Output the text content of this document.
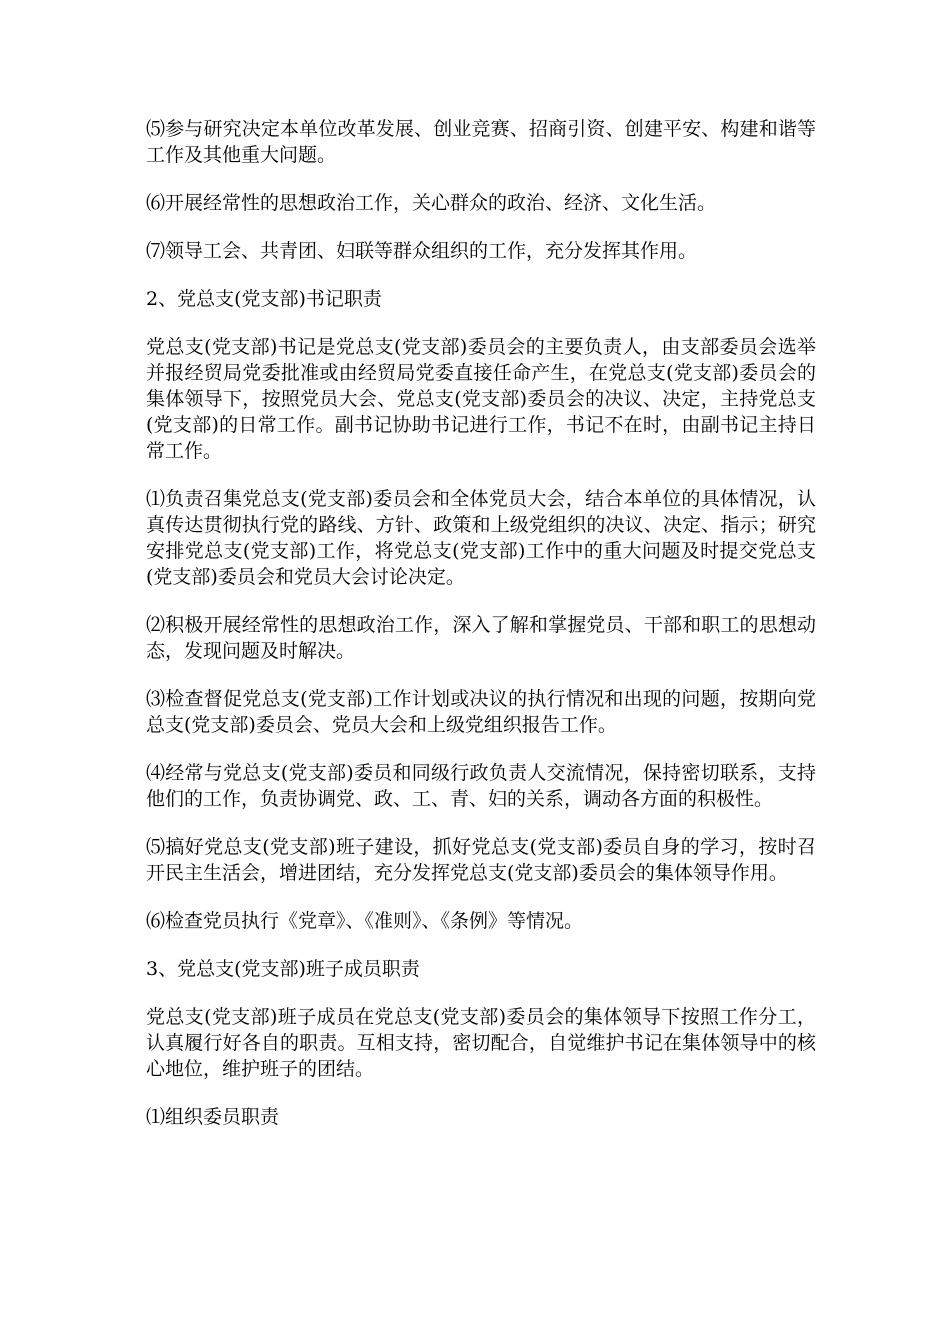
⑸参与研究决定本单位改革发展、创业竞赛、招商引资、创建平安、构建和谐等工作及其他重大问题。

⑹开展经常性的思想政治工作，关心群众的政治、经济、文化生活。

⑺领导工会、共青团、妇联等群众组织的工作，充分发挥其作用。

2、党总支(党支部)书记职责

党总支(党支部)书记是党总支(党支部)委员会的主要负责人，由支部委员会选举并报经贸局党委批准或由经贸局党委直接任命产生，在党总支(党支部)委员会的集体领导下，按照党员大会、党总支(党支部)委员会的决议、决定，主持党总支(党支部)的日常工作。副书记协助书记进行工作，书记不在时，由副书记主持日常工作。

⑴负责召集党总支(党支部)委员会和全体党员大会，结合本单位的具体情况，认真传达贯彻执行党的路线、方针、政策和上级党组织的决议、决定、指示；研究安排党总支(党支部)工作，将党总支(党支部)工作中的重大问题及时提交党总支(党支部)委员会和党员大会讨论决定。

⑵积极开展经常性的思想政治工作，深入了解和掌握党员、干部和职工的思想动态，发现问题及时解决。

⑶检查督促党总支(党支部)工作计划或决议的执行情况和出现的问题，按期向党总支(党支部)委员会、党员大会和上级党组织报告工作。

⑷经常与党总支(党支部)委员和同级行政负责人交流情况，保持密切联系，支持他们的工作，负责协调党、政、工、青、妇的关系，调动各方面的积极性。

⑸搞好党总支(党支部)班子建设，抓好党总支(党支部)委员自身的学习，按时召开民主生活会，增进团结，充分发挥党总支(党支部)委员会的集体领导作用。

⑹检查党员执行《党章》、《准则》、《条例》等情况。

3、党总支(党支部)班子成员职责

党总支(党支部)班子成员在党总支(党支部)委员会的集体领导下按照工作分工，认真履行好各自的职责。互相支持，密切配合，自觉维护书记在集体领导中的核心地位，维护班子的团结。

⑴组织委员职责
